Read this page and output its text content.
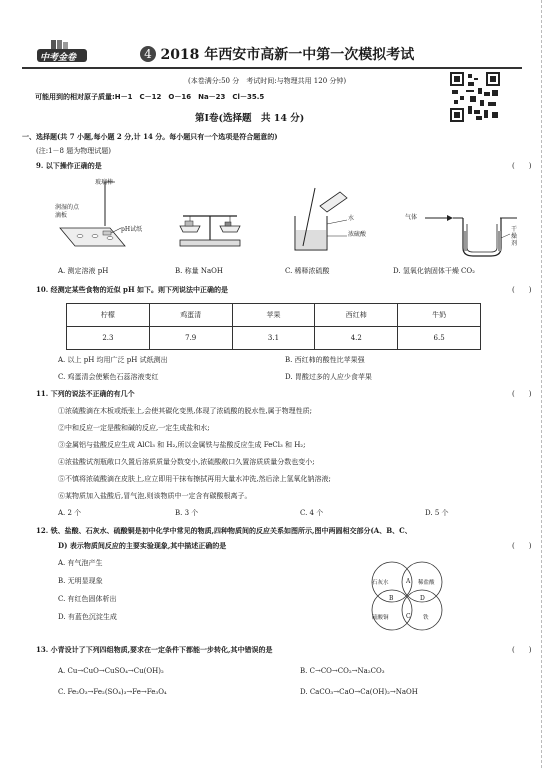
中考金卷	4 2018 年西安市高新一中第一次模拟考试
(本卷满分:50 分　考试时间:与物理共用 120 分钟)
可能用到的相对原子质量:H－1　C－12　O－16　Na－23　Cl－35.5
第Ⅰ卷(选择题　共 14 分)
一、选择题(共 7 小题,每小题 2 分,计 14 分。每小题只有一个选项是符合题意的)
(注:1－8 题为物理试题)
9. 以下操作正确的是	(　　)
玻璃棒
润湿的点滴板
pH试纸
水
浓硫酸
气体
干燥剂
A. 测定溶液 pH	B. 称量 NaOH	C. 稀释浓硫酸	D. 氢氧化钠固体干燥 CO₂
10. 经测定某些食物的近似 pH 如下。则下列说法中正确的是	(　　)
柠檬	鸡蛋清	苹果	西红柿	牛奶
2.3	7.9	3.1	4.2	6.5
A. 以上 pH 均用广泛 pH 试纸测出	B. 西红柿的酸性比苹果强
C. 鸡蛋清会使紫色石蕊溶液变红	D. 胃酸过多的人应少食苹果
11. 下列的说法不正确的有几个	(　　)
①浓硫酸滴在木板或纸张上,会使其碳化变黑,体现了浓硫酸的脱水性,属于物理性质;
②中和反应一定是酸和碱的反应,一定生成盐和水;
③金属铝与盐酸反应生成 AlCl₃ 和 H₂,所以金属铁与盐酸反应生成 FeCl₃ 和 H₂;
④浓盐酸试剂瓶敞口久置后溶质质量分数变小,浓硫酸敞口久置溶质质量分数也变小;
⑤不慎将浓硫酸滴在皮肤上,应立即用干抹布擦拭再用大量水冲洗,然后涂上氢氧化钠溶液;
⑥某物质加入盐酸后,冒气泡,则该物质中一定含有碳酸根离子。
A. 2 个	B. 3 个	C. 4 个	D. 5 个
12. 铁、盐酸、石灰水、硫酸铜是初中化学中常见的物质,四种物质间的反应关系如图所示,图中两圆相交部分(A、B、C、
D) 表示物质间反应的主要实验现象,其中描述正确的是	(　　)
A. 有气泡产生
B. 无明显现象
C. 有红色固体析出
D. 有蓝色沉淀生成
石灰水	稀盐酸
硫酸铜	铁
A
B
C
D
13. 小青设计了下列四组物质,要求在一定条件下都能一步转化,其中错误的是	(　　)
A. Cu→CuO→CuSO₄→Cu(OH)₂	B. C→CO→CO₂→Na₂CO₃
C. Fe₂O₃→Fe₂(SO₄)₃→Fe→Fe₃O₄	D. CaCO₃→CaO→Ca(OH)₂→NaOH
